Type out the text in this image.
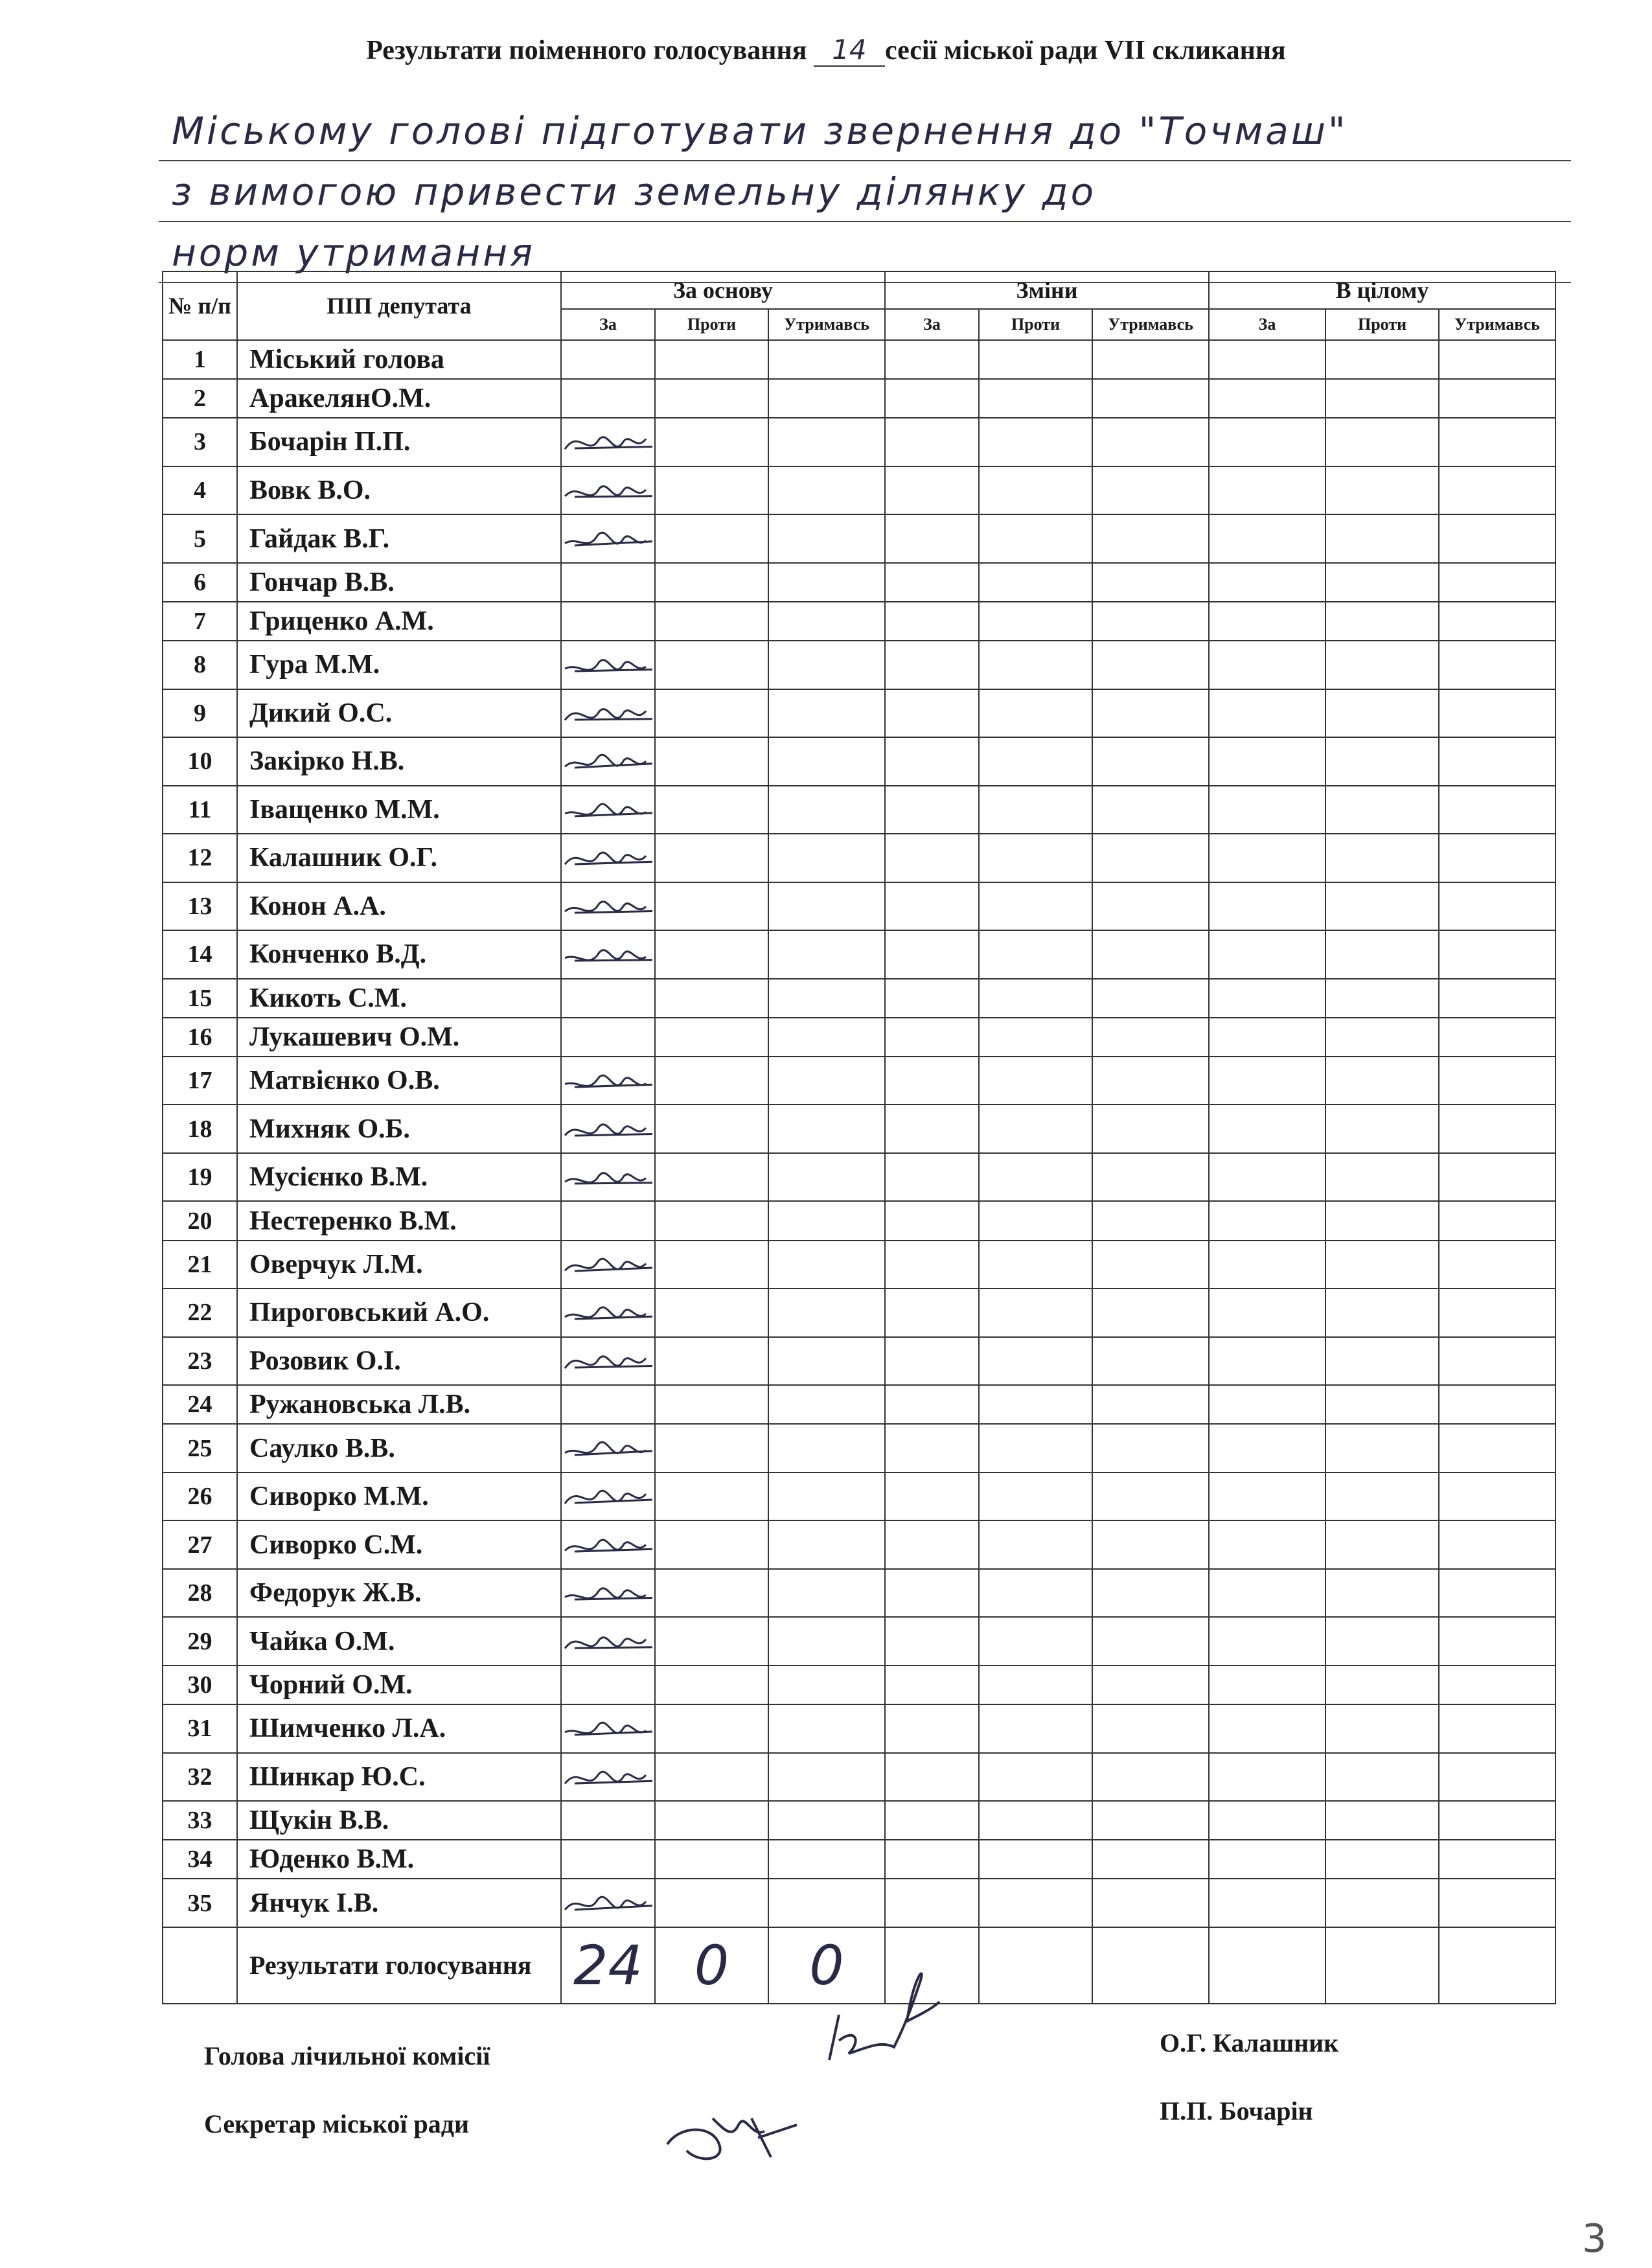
Результати поіменного голосування 14 сесії міської ради VII скликання
Міському голові підготувати звернення до "Точмаш"
з вимогою привести земельну ділянку до
норм утримання
№ п/п	ПІП депутата	За основу			Зміни			В цілому		
		За	Проти	Утримавсь	За	Проти	Утримавсь	За	Проти	Утримавсь
1	Міський голова									
2	АракелянО.М.									
3	Бочарін П.П.	

4	Вовк В.О.	

5	Гайдак В.Г.	

6	Гончар В.В.									
7	Гриценко А.М.									
8	Гура М.М.	

9	Дикий О.С.	

10	Закірко Н.В.	

11	Іващенко М.М.	

12	Калашник О.Г.	

13	Конон А.А.	

14	Конченко В.Д.	

15	Кикоть С.М.									
16	Лукашевич О.М.									
17	Матвієнко О.В.	

18	Михняк О.Б.	

19	Мусієнко В.М.	

20	Нестеренко В.М.									
21	Оверчук Л.М.	

22	Пироговський А.О.	

23	Розовик О.І.	

24	Ружановська Л.В.									
25	Саулко В.В.	

26	Сиворко М.М.	

27	Сиворко С.М.	

28	Федорук Ж.В.	

29	Чайка О.М.	

30	Чорний О.М.									
31	Шимченко Л.А.	

32	Шинкар Ю.С.	

33	Щукін В.В.									
34	Юденко В.М.									
35	Янчук І.В.	

	Результати голосування	24	0	0						
Голова лічильної комісії	О.Г. Калашник
Секретар міської ради	П.П. Бочарін
3
